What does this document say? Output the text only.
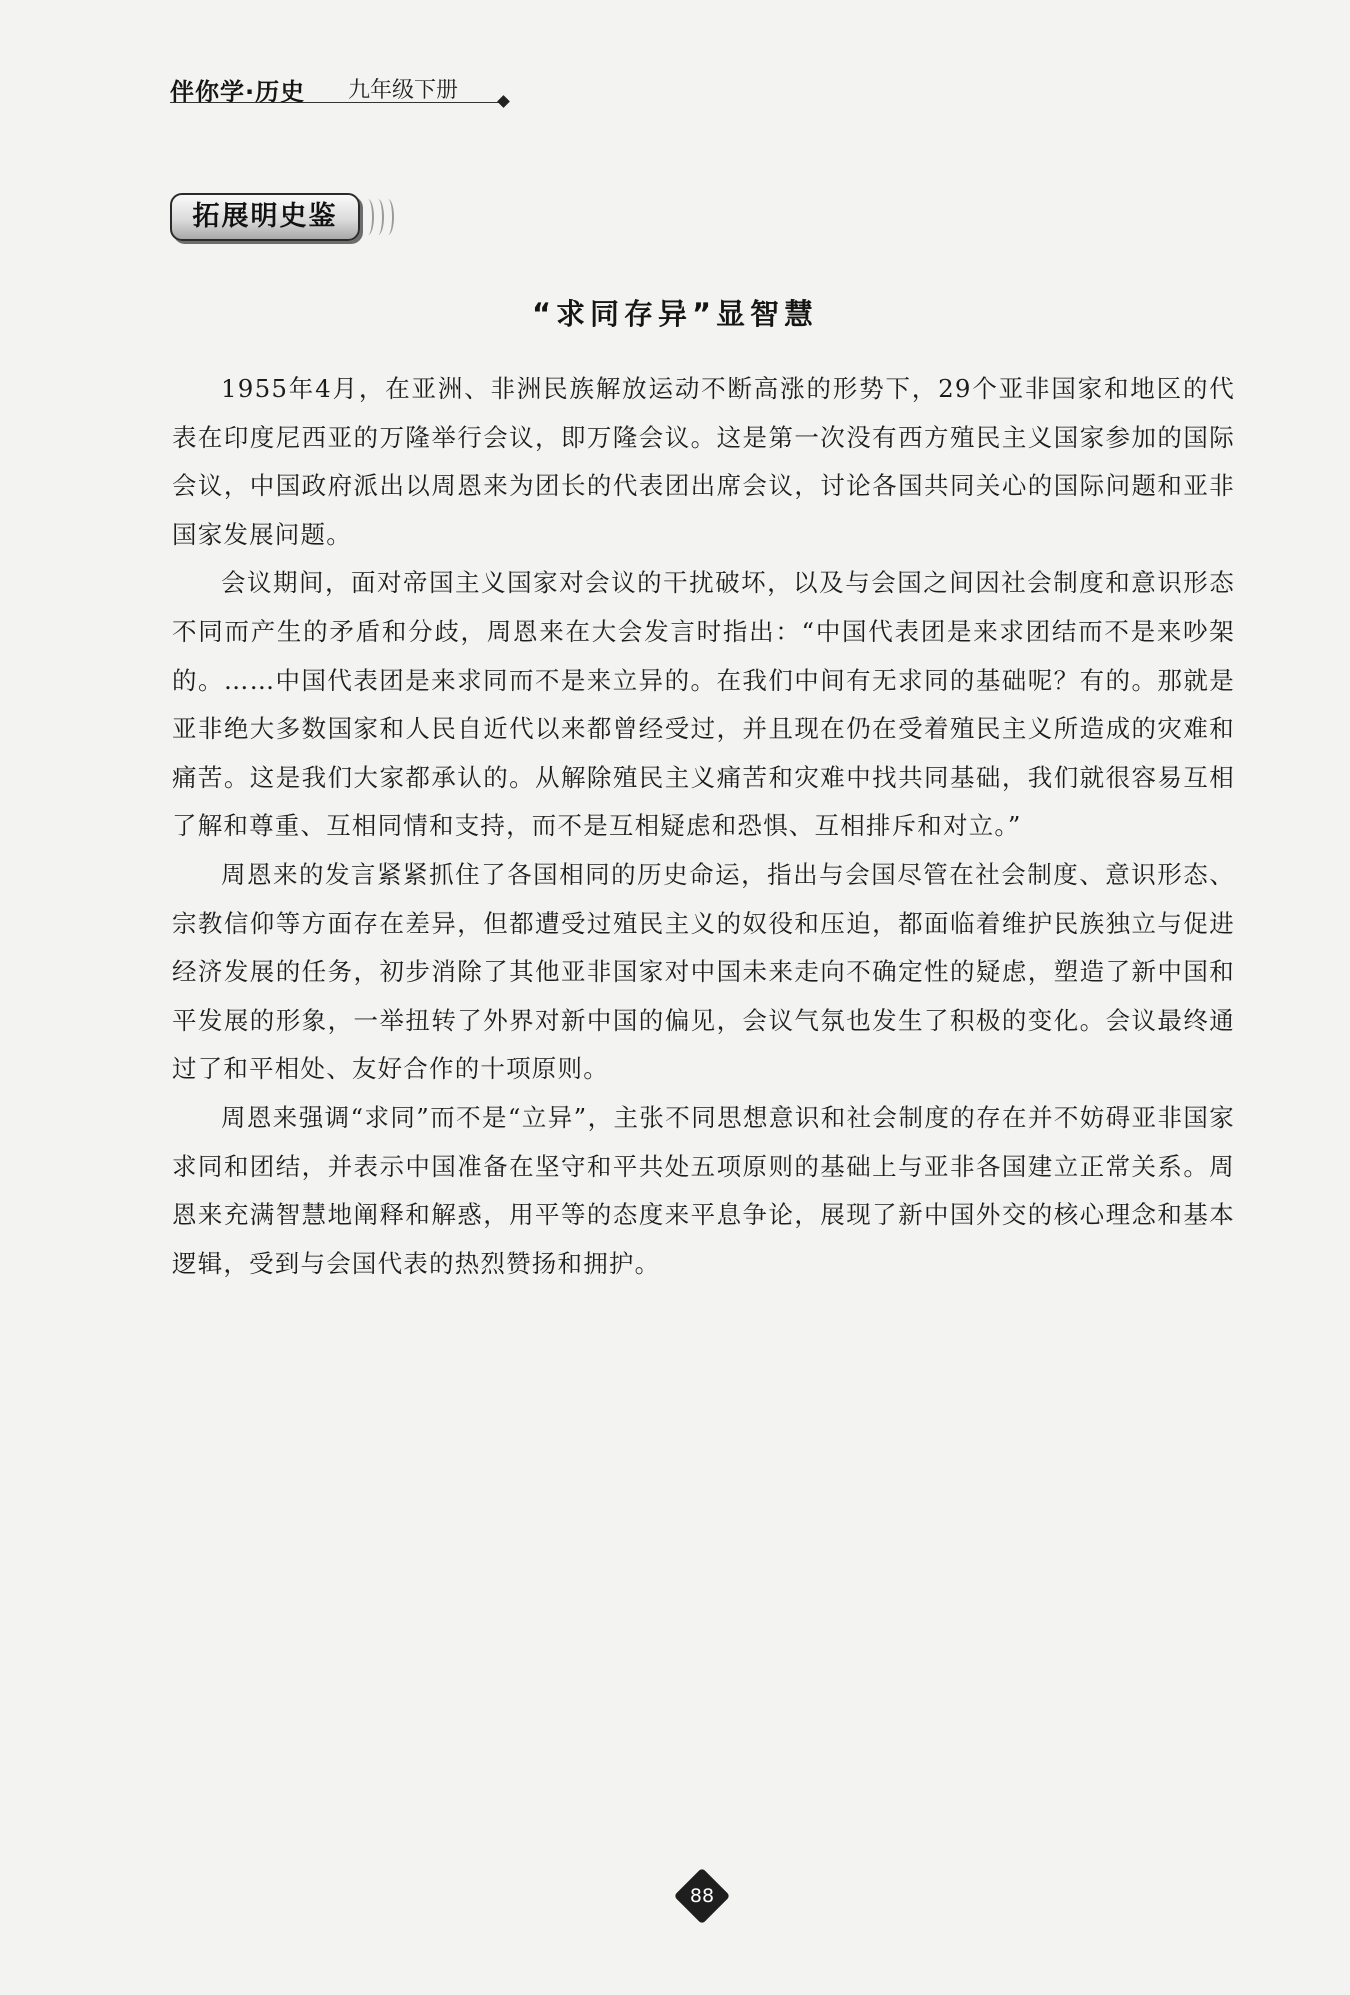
伴你学·历史 九年级下册
拓展明史鉴
“求同存异”显智慧

1955年4月，在亚洲、非洲民族解放运动不断高涨的形势下，29个亚非国家和地区的代表在印度尼西亚的万隆举行会议，即万隆会议。这是第一次没有西方殖民主义国家参加的国际会议，中国政府派出以周恩来为团长的代表团出席会议，讨论各国共同关心的国际问题和亚非国家发展问题。

会议期间，面对帝国主义国家对会议的干扰破坏，以及与会国之间因社会制度和意识形态不同而产生的矛盾和分歧，周恩来在大会发言时指出：“中国代表团是来求团结而不是来吵架的。……中国代表团是来求同而不是来立异的。在我们中间有无求同的基础呢？有的。那就是亚非绝大多数国家和人民自近代以来都曾经受过，并且现在仍在受着殖民主义所造成的灾难和痛苦。这是我们大家都承认的。从解除殖民主义痛苦和灾难中找共同基础，我们就很容易互相了解和尊重、互相同情和支持，而不是互相疑虑和恐惧、互相排斥和对立。”

周恩来的发言紧紧抓住了各国相同的历史命运，指出与会国尽管在社会制度、意识形态、宗教信仰等方面存在差异，但都遭受过殖民主义的奴役和压迫，都面临着维护民族独立与促进经济发展的任务，初步消除了其他亚非国家对中国未来走向不确定性的疑虑，塑造了新中国和平发展的形象，一举扭转了外界对新中国的偏见，会议气氛也发生了积极的变化。会议最终通过了和平相处、友好合作的十项原则。

周恩来强调“求同”而不是“立异”，主张不同思想意识和社会制度的存在并不妨碍亚非国家求同和团结，并表示中国准备在坚守和平共处五项原则的基础上与亚非各国建立正常关系。周恩来充满智慧地阐释和解惑，用平等的态度来平息争论，展现了新中国外交的核心理念和基本逻辑，受到与会国代表的热烈赞扬和拥护。

88
